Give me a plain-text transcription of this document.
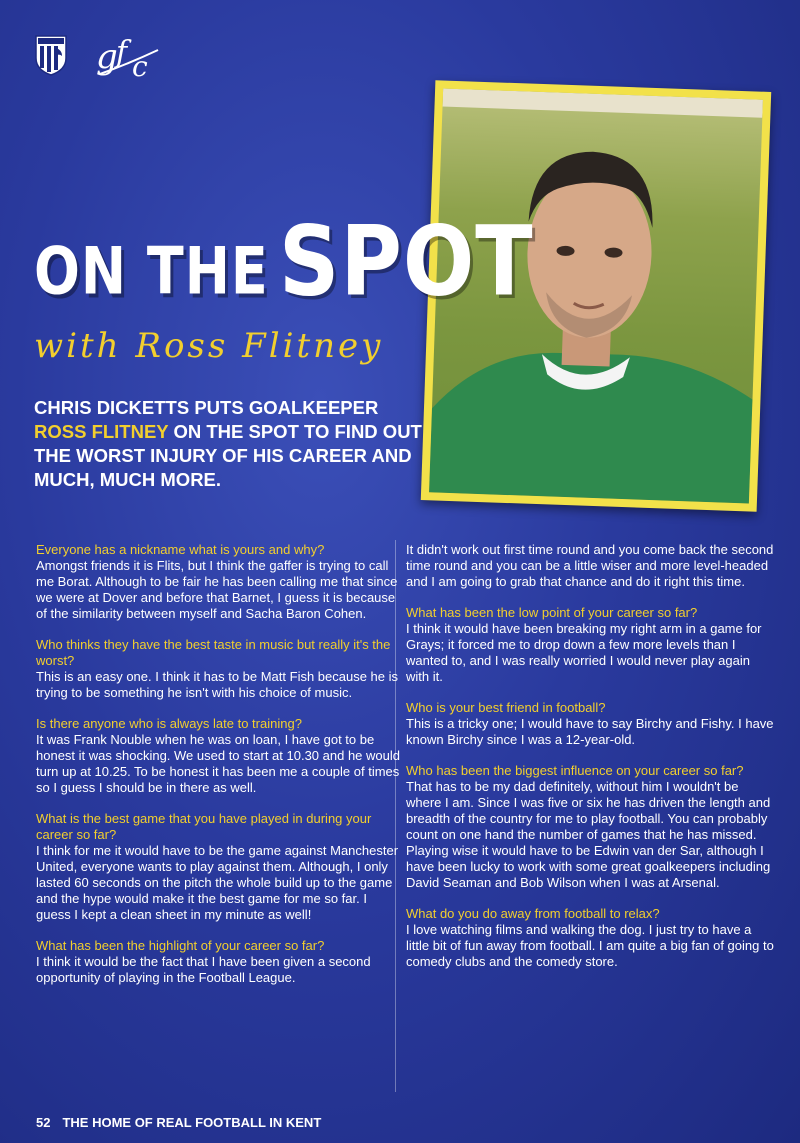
g
f c
ON THE SPOT
with Ross Flitney
CHRIS DICKETTS PUTS GOALKEEPER ROSS FLITNEY ON THE SPOT TO FIND OUT THE WORST INJURY OF HIS CAREER AND MUCH, MUCH MORE.

Everyone has a nickname what is yours and why?

Amongst friends it is Flits, but I think the gaffer is trying to call me Borat. Although to be fair he has been calling me that since we were at Dover and before that Barnet, I guess it is because of the similarity between myself and Sacha Baron Cohen.

Who thinks they have the best taste in music but really it's the worst?

This is an easy one. I think it has to be Matt Fish because he is trying to be something he isn't with his choice of music.

Is there anyone who is always late to training?

It was Frank Nouble when he was on loan, I have got to be honest it was shocking. We used to start at 10.30 and he would turn up at 10.25. To be honest it has been me a couple of times so I guess I should be in there as well.

What is the best game that you have played in during your career so far?

I think for me it would have to be the game against Manchester United, everyone wants to play against them. Although, I only lasted 60 seconds on the pitch the whole build up to the game and the hype would make it the best game for me so far. I guess I kept a clean sheet in my minute as well!

What has been the highlight of your career so far?

I think it would be the fact that I have been given a second opportunity of playing in the Football League.

It didn't work out first time round and you come back the second time round and you can be a little wiser and more level-headed and I am going to grab that chance and do it right this time.

What has been the low point of your career so far?

I think it would have been breaking my right arm in a game for Grays; it forced me to drop down a few more levels than I wanted to, and I was really worried I would never play again with it.

Who is your best friend in football?

This is a tricky one; I would have to say Birchy and Fishy. I have known Birchy since I was a 12-year-old.

Who has been the biggest influence on your career so far?

That has to be my dad definitely, without him I wouldn't be where I am. Since I was five or six he has driven the length and breadth of the country for me to play football. You can probably count on one hand the number of games that he has missed. Playing wise it would have to be Edwin van der Sar, although I have been lucky to work with some great goalkeepers including David Seaman and Bob Wilson when I was at Arsenal.

What do you do away from football to relax?

I love watching films and walking the dog. I just try to have a little bit of fun away from football. I am quite a big fan of going to comedy clubs and the comedy store.

52 THE HOME OF REAL FOOTBALL IN KENT
